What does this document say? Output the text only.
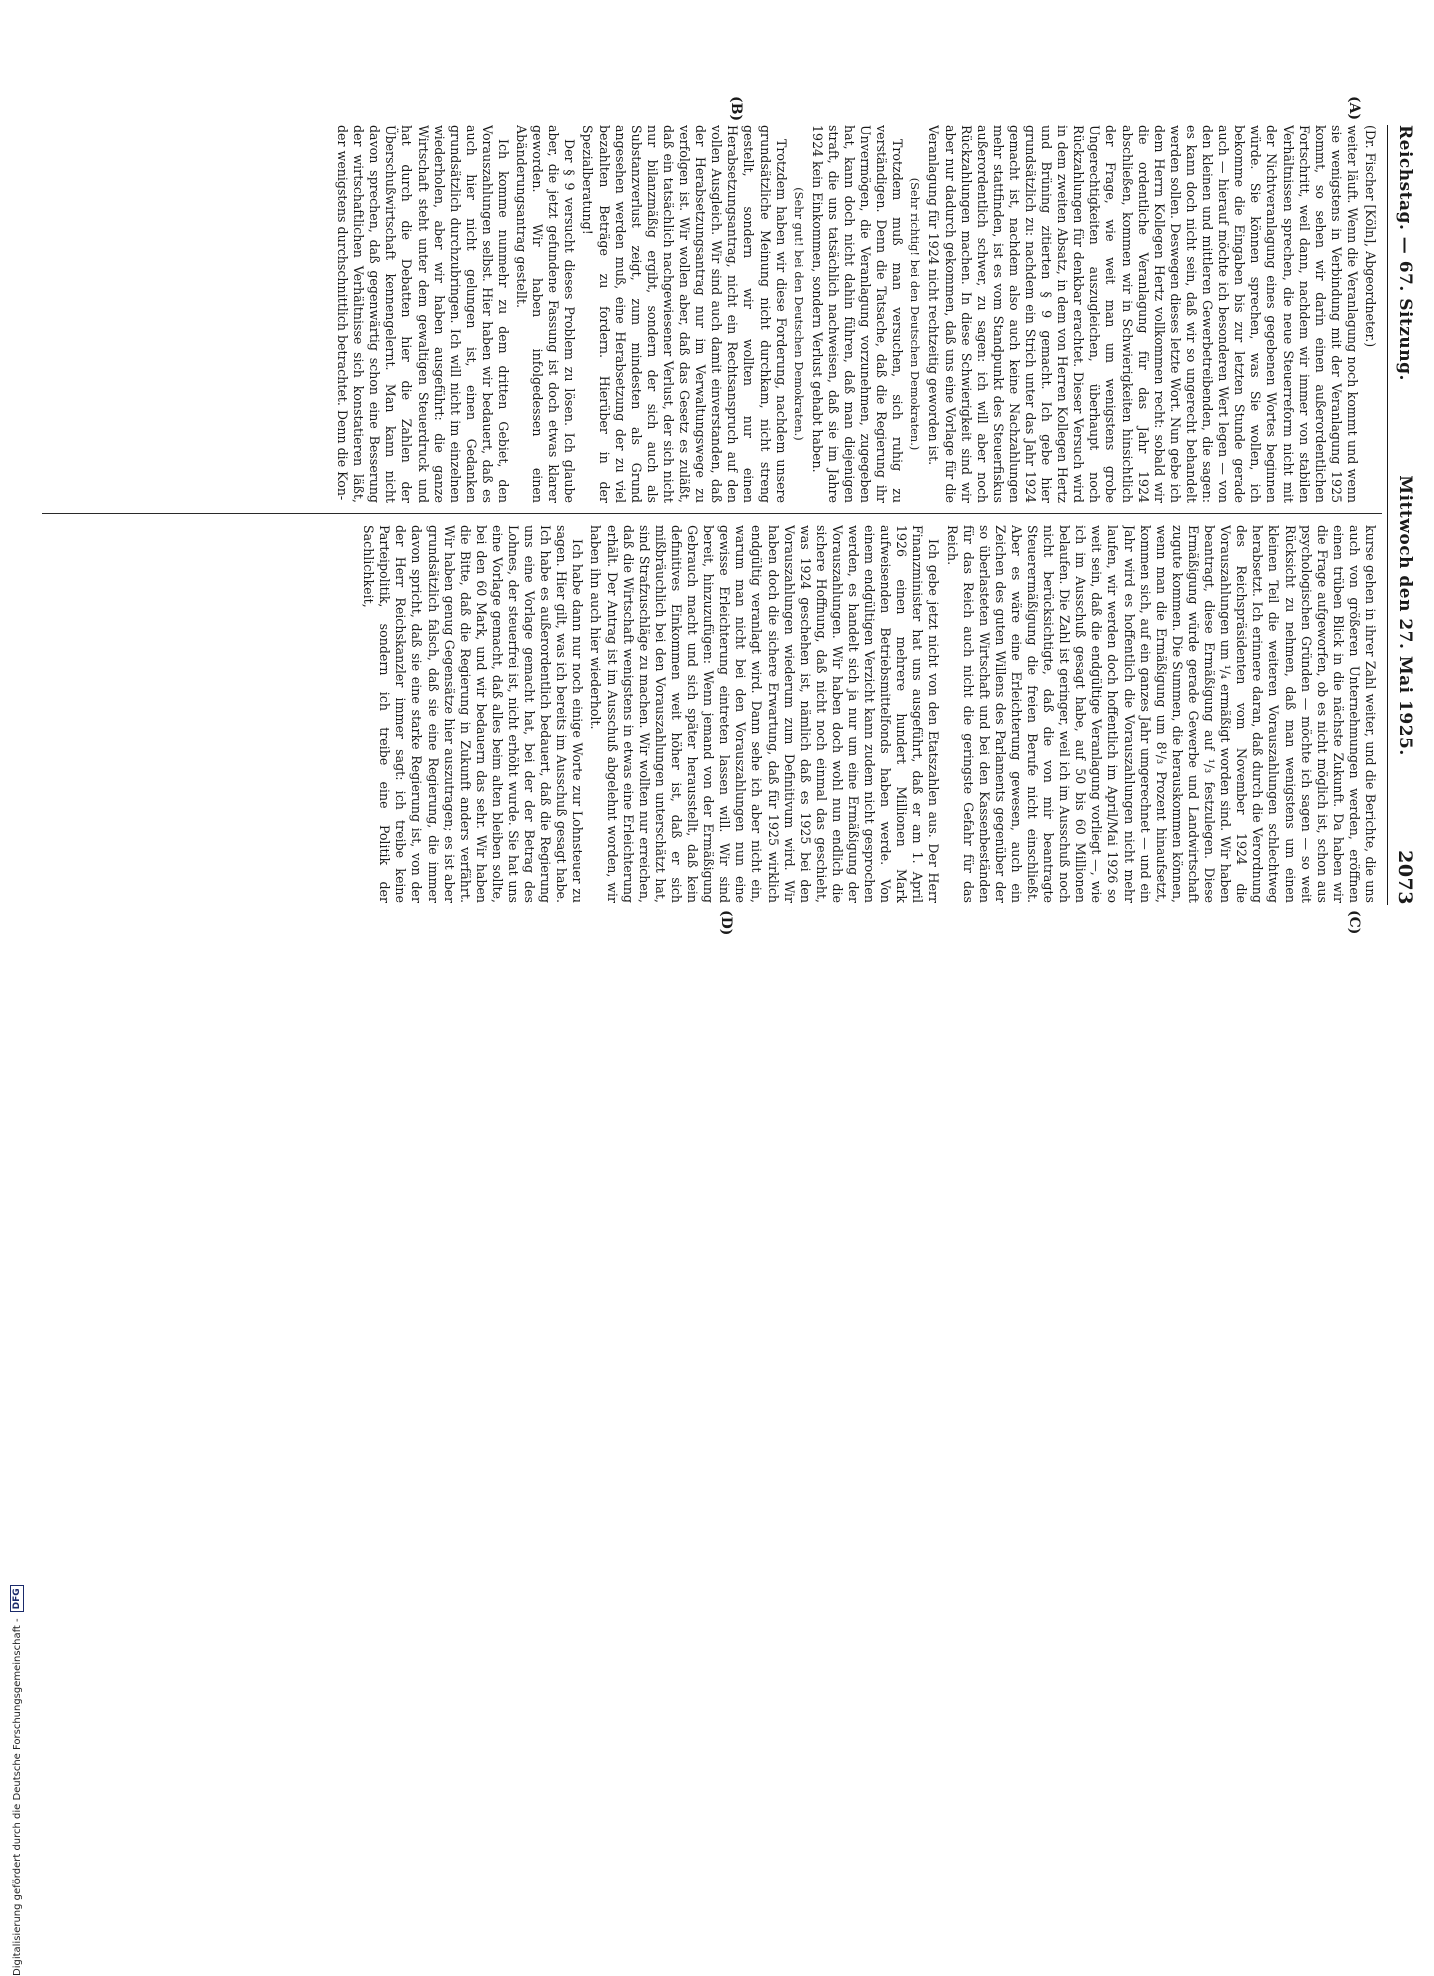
Reichstag. — 67. Sitzung.
Mittwoch den 27. Mai 1925.
2073
(A)
(B)
(C)
(D)

(Dr. Fischer [Köln], Abgeordneter.)

weiter läuft. Wenn die Veranlagung noch kommt und wenn sie wenigstens in Verbindung mit der Veranlagung 1925 kommt, so sehen wir darin einen außerordentlichen Fortschritt, weil dann, nachdem wir immer von stabilen Verhältnissen sprechen, die neue Steuerreform nicht mit der Nichtveranlagung eines gegebenen Wortes beginnen würde. Sie können sprechen, was Sie wollen, ich bekomme die Eingaben bis zur letzten Stunde gerade auch — hierauf möchte ich besonderen Wert legen — von den kleinen und mittleren Gewerbetreibenden, die sagen: es kann doch nicht sein, daß wir so ungerecht behandelt werden sollen. Deswegen dieses letzte Wort. Nun gebe ich dem Herrn Kollegen Hertz vollkommen recht: sobald wir die ordentliche Veranlagung für das Jahr 1924 abschließen, kommen wir in Schwierigkeiten hinsichtlich der Frage, wie weit man um wenigstens grobe Ungerechtigkeiten auszugleichen, überhaupt noch Rückzahlungen für denkbar erachtet. Dieser Versuch wird in dem zweiten Absatz, in dem von Herren Kollegen Hertz und Brüning zitierten § 9 gemacht. Ich gebe hier grundsätzlich zu: nachdem ein Strich unter das Jahr 1924 gemacht ist, nachdem also auch keine Nachzahlungen mehr stattfinden, ist es vom Standpunkt des Steuerfiskus außerordentlich schwer, zu sagen: ich will aber noch Rückzahlungen machen. In diese Schwierigkeit sind wir aber nur dadurch gekommen, daß uns eine Vorlage für die Veranlagung für 1924 nicht rechtzeitig geworden ist.

(Sehr richtig! bei den Deutschen Demokraten.)

Trotzdem muß man versuchen, sich ruhig zu verständigen. Denn die Tatsache, daß die Regierung ihr Unvermögen, die Veranlagung vorzunehmen, zugegeben hat, kann doch nicht dahin führen, daß man diejenigen straft, die uns tatsächlich nachweisen, daß sie im Jahre 1924 kein Einkommen, sondern Verlust gehabt haben.

(Sehr gut! bei den Deutschen Demokraten.)

Trotzdem haben wir diese Forderung, nachdem unsere grundsätzliche Meinung nicht durchkam, nicht streng gestellt, sondern wir wollten nur einen Herabsetzungsantrag, nicht ein Rechtsanspruch auf den vollen Ausgleich. Wir sind auch damit einverstanden, daß der Herabsetzungsantrag nur im Verwaltungswege zu verfolgen ist. Wir wollen aber, daß das Gesetz es zuläßt, daß ein tatsächlich nachgewiesener Verlust, der sich nicht nur bilanzmäßig ergibt, sondern der sich auch als Substanzverlust zeigt, zum mindesten als Grund angesehen werden muß, eine Herabsetzung der zu viel bezahlten Beträge zu fordern. Hierüber in der Spezialberatung!

Der § 9 versucht dieses Problem zu lösen. Ich glaube aber, die jetzt gefundene Fassung ist doch etwas klarer geworden. Wir haben infolgedessen einen Abänderungsantrag gestellt.

Ich komme nunmehr zu dem dritten Gebiet, den Vorauszahlungen selbst. Hier haben wir bedauert, daß es auch hier nicht gelungen ist, einen Gedanken grundsätzlich durchzubringen. Ich will nicht im einzelnen wiederholen, aber wir haben ausgeführt: die ganze Wirtschaft steht unter dem gewaltigen Steuerdruck und hat durch die Debatten hier die Zahlen der Überschußwirtschaft kennengelernt. Man kann nicht davon sprechen, daß gegenwärtig schon eine Besserung der wirtschaftlichen Verhältnisse sich konstatieren läßt, der wenigstens durchschnittlich betrachtet. Denn die Kon-

kurse gehen in ihrer Zahl weiter, und die Berichte, die uns auch von größeren Unternehmungen werden, eröffnen einen trüben Blick in die nächste Zukunft. Da haben wir die Frage aufgeworfen, ob es nicht möglich ist, schon aus psychologischen Gründen — möchte ich sagen — so weit Rücksicht zu nehmen, daß man wenigstens um einen kleinen Teil die weiteren Vorauszahlungen schlechtweg herabsetzt. Ich erinnere daran, daß durch die Verordnung des Reichspräsidenten vom November 1924 die Vorauszahlungen um ¹/₄ ermäßigt worden sind. Wir haben beantragt, diese Ermäßigung auf ¹/₃ festzulegen. Diese Ermäßigung würde gerade Gewerbe und Landwirtschaft zugute kommen. Die Summen, die herauskommen können, wenn man die Ermäßigung um 8¹/₃ Prozent hinaufsetzt, kommen sich, auf ein ganzes Jahr umgerechnet — und ein Jahr wird es hoffentlich die Vorauszahlungen nicht mehr laufen, wir werden doch hoffentlich im April/Mai 1926 so weit sein, daß die endgültige Veranlagung vorliegt —, wie ich im Ausschuß gesagt habe, auf 50 bis 60 Millionen belaufen. Die Zahl ist geringer, weil ich im Ausschuß noch nicht berücksichtigte, daß die von mir beantragte Steuerermäßigung die freien Berufe nicht einschließt. Aber es wäre eine Erleichterung gewesen, auch ein Zeichen des guten Willens des Parlaments gegenüber der so überlasteten Wirtschaft und bei den Kassenbeständen für das Reich auch nicht die geringste Gefahr für das Reich.

Ich gebe jetzt nicht von den Etatszahlen aus. Der Herr Finanzminister hat uns ausgeführt, daß er am 1. April 1926 einen mehrere hundert Millionen Mark aufweisenden Betriebsmittelfonds haben werde. Von einem endgültigen Verzicht kann zudem nicht gesprochen werden, es handelt sich ja nur um eine Ermäßigung der Vorauszahlungen. Wir haben doch wohl nun endlich die sichere Hoffnung, daß nicht noch einmal das geschieht, was 1924 geschehen ist, nämlich daß es 1925 bei den Vorauszahlungen wiederum zum Definitivum wird. Wir haben doch die sichere Erwartung, daß für 1925 wirklich endgültig veranlagt wird. Dann sehe ich aber nicht ein, warum man nicht bei den Vorauszahlungen nun eine gewisse Erleichterung eintreten lassen will. Wir sind bereit, hinzuzufügen: Wenn jemand von der Ermäßigung Gebrauch macht und sich später herausstellt, daß kein definitives Einkommen weit höher ist, daß er sich mißbräuchlich bei den Vorauszahlungen unterschätzt hat, sind Strafzuschläge zu machen. Wir wollten nur erreichen, daß die Wirtschaft wenigstens in etwas eine Erleichterung erhält. Der Antrag ist im Ausschuß abgelehnt worden, wir haben ihn auch hier wiederholt.

Ich habe dann nur noch einige Worte zur Lohnsteuer zu sagen. Hier gilt, was ich bereits im Ausschuß gesagt habe. Ich habe es außerordentlich bedauert, daß die Regierung uns eine Vorlage gemacht hat, bei der der Betrag des Lohnes, der steuerfrei ist, nicht erhöht wurde. Sie hat uns eine Vorlage gemacht, daß alles beim alten bleiben sollte, bei den 60 Mark, und wir bedauern das sehr. Wir haben die Bitte, daß die Regierung in Zukunft anders verfährt. Wir haben genug Gegensätze hier auszutragen; es ist aber grundsätzlich falsch, daß sie eine Regierung, die immer davon spricht, daß sie eine starke Regierung ist, von der der Herr Reichskanzler immer sagt: ich treibe keine Parteipolitik, sondern ich treibe eine Politik der Sachlichkeit,

Digitalisierung gefördert durch die Deutsche Forschungsgemeinschaft -
DFG
